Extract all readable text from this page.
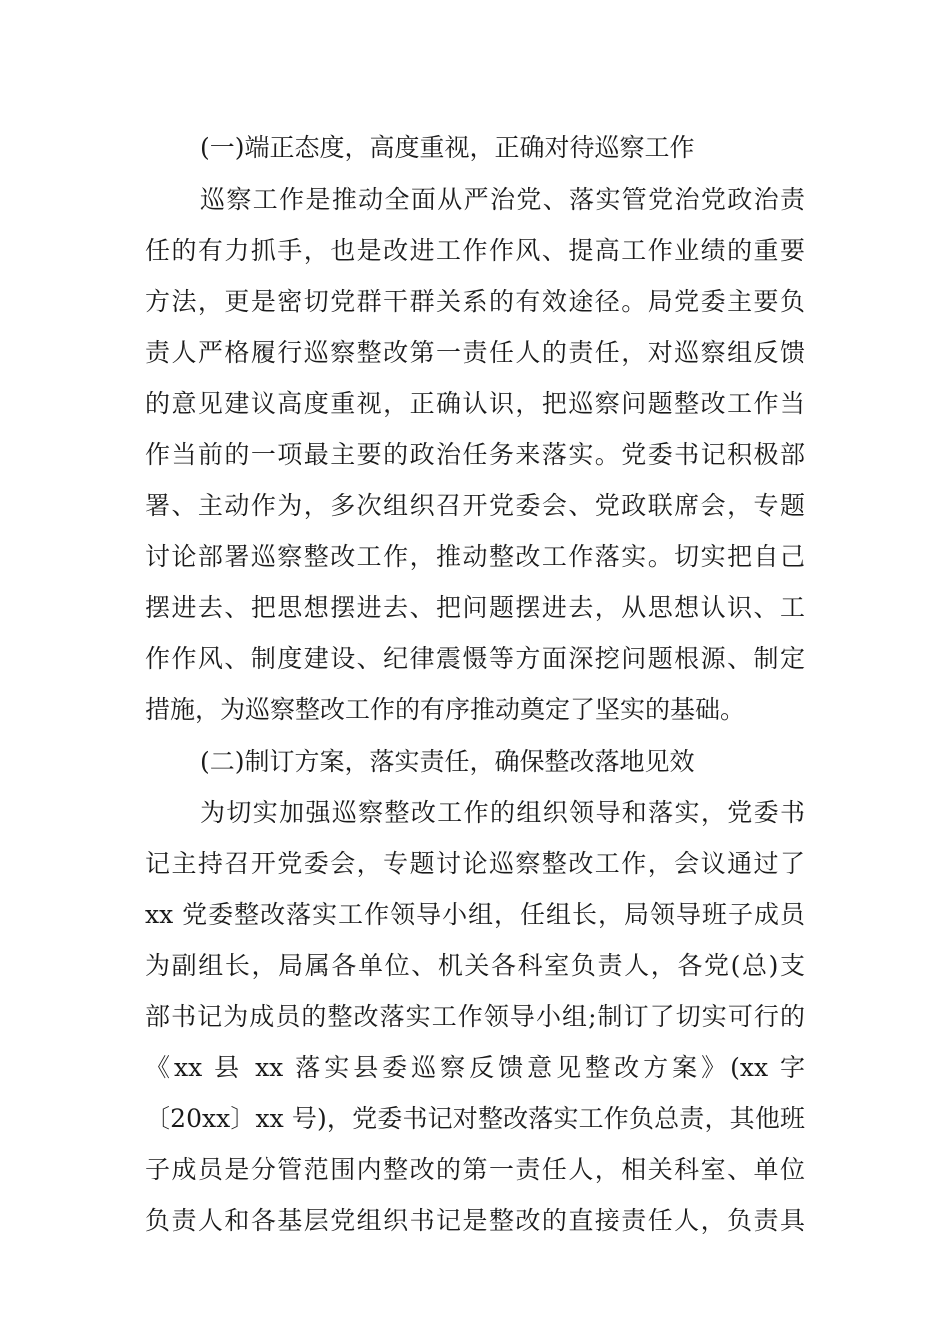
(一)端正态度，高度重视，正确对待巡察工作
巡察工作是推动全面从严治党、落实管党治党政治责
任的有力抓手，也是改进工作作风、提高工作业绩的重要
方法，更是密切党群干群关系的有效途径。局党委主要负
责人严格履行巡察整改第一责任人的责任，对巡察组反馈
的意见建议高度重视，正确认识，把巡察问题整改工作当
作当前的一项最主要的政治任务来落实。党委书记积极部
署、主动作为，多次组织召开党委会、党政联席会，专题
讨论部署巡察整改工作，推动整改工作落实。切实把自己
摆进去、把思想摆进去、把问题摆进去，从思想认识、工
作作风、制度建设、纪律震慑等方面深挖问题根源、制定
措施，为巡察整改工作的有序推动奠定了坚实的基础。
(二)制订方案，落实责任，确保整改落地见效
为切实加强巡察整改工作的组织领导和落实，党委书
记主持召开党委会，专题讨论巡察整改工作，会议通过了
xx 党委整改落实工作领导小组，任组长，局领导班子成员
为副组长，局属各单位、机关各科室负责人，各党(总)支
部书记为成员的整改落实工作领导小组;制订了切实可行的
《xx 县 xx 落实县委巡察反馈意见整改方案》(xx 字
〔20xx〕xx 号)，党委书记对整改落实工作负总责，其他班
子成员是分管范围内整改的第一责任人，相关科室、单位
负责人和各基层党组织书记是整改的直接责任人，负责具
